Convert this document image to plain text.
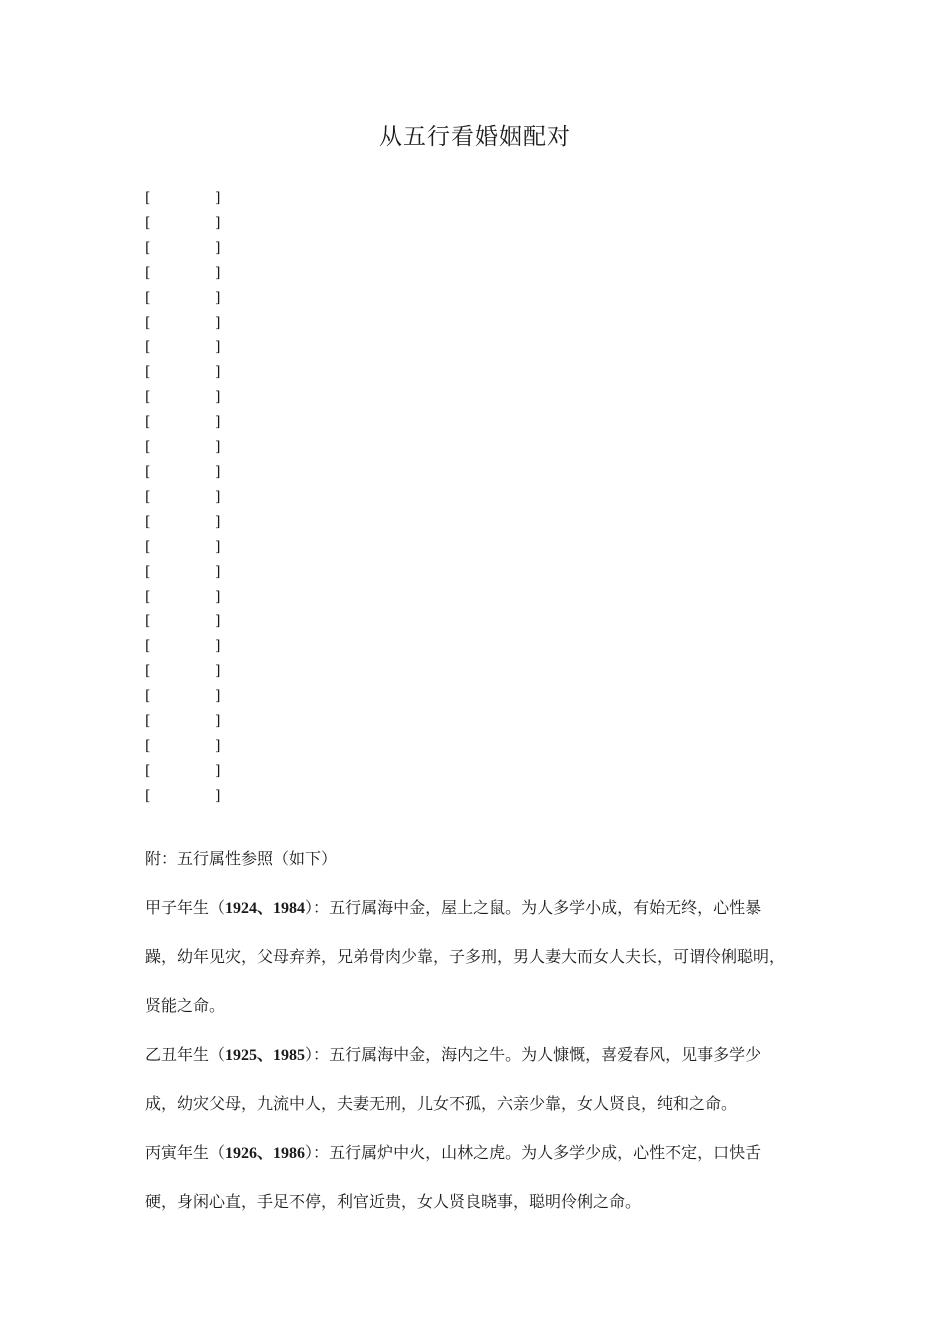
从五行看婚姻配对
[	]
[	]
[	]
[	]
[	]
[	]
[	]
[	]
[	]
[	]
[	]
[	]
[	]
[	]
[	]
[	]
[	]
[	]
[	]
[	]
[	]
[	]
[	]
[	]
[	]
附：五行属性参照（如下）
甲子年生（1924、1984）：五行属海中金，屋上之鼠。为人多学小成，有始无终，心性暴
躁，幼年见灾，父母弃养，兄弟骨肉少靠，子多刑，男人妻大而女人夫长，可谓伶俐聪明，
贤能之命。
乙丑年生（1925、1985）：五行属海中金，海内之牛。为人慷慨，喜爱春风，见事多学少
成，幼灾父母，九流中人，夫妻无刑，儿女不孤，六亲少靠，女人贤良，纯和之命。
丙寅年生（1926、1986）：五行属炉中火，山林之虎。为人多学少成，心性不定，口快舌
硬，身闲心直，手足不停，利官近贵，女人贤良晓事，聪明伶俐之命。
